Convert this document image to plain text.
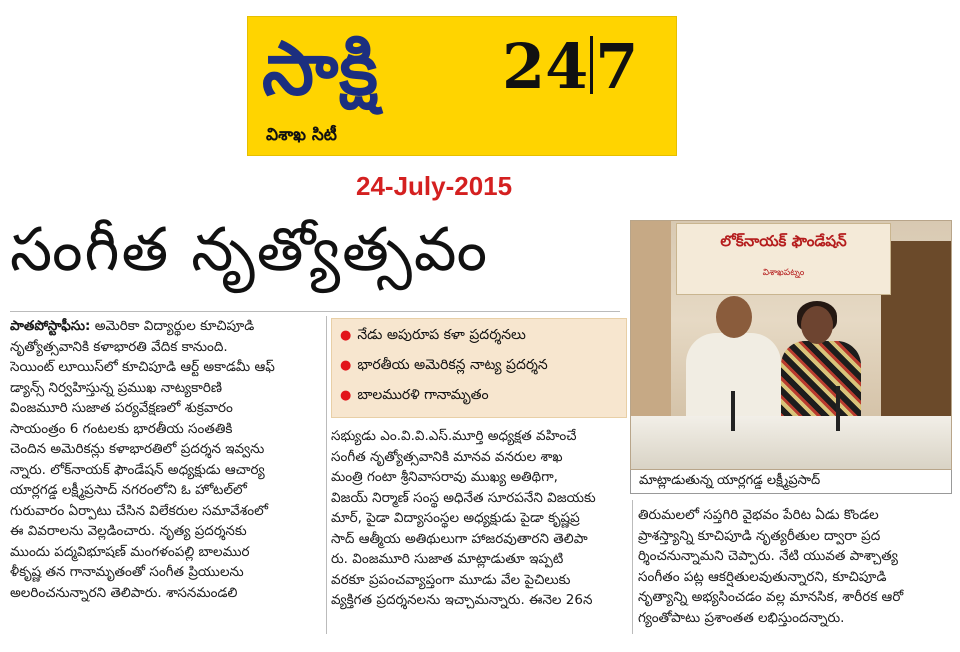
సాక్షి 24 7
విశాఖ సిటీ
24-July-2015
సంగీత నృత్యోత్సవం	లోక్‌నాయక్ ఫౌండేషన్
విశాఖపట్నం
మాట్లాడుతున్న యార్లగడ్డ లక్ష్మీప్రసాద్
● నేడు అపురూప కళా ప్రదర్శనలు
● భారతీయ అమెరికన్ల నాట్య ప్రదర్శన
● బాలమురళి గానామృతం
పాతపోస్టాఫీసు: అమెరికా విద్యార్థుల కూచిపూడి
నృత్యోత్సవానికి కళాభారతి వేదిక కానుంది.
సెయింట్ లూయిస్‌లో కూచిపూడి ఆర్ట్ అకాడమీ ఆఫ్
డ్యాన్స్ నిర్వహిస్తున్న ప్రముఖ నాట్యకారిణి
వింజమూరి సుజాత పర్యవేక్షణలో శుక్రవారం
సాయంత్రం 6 గంటలకు భారతీయ సంతతికి
చెందిన అమెరికన్లు కళాభారతిలో ప్రదర్శన ఇవ్వను
న్నారు. లోక్‌నాయక్ ఫౌండేషన్ అధ్యక్షుడు ఆచార్య
యార్లగడ్డ లక్ష్మీప్రసాద్ నగరంలోని ఓ హోటల్‌లో
గురువారం ఏర్పాటు చేసిన విలేకరుల సమావేశంలో
ఈ వివరాలను వెల్లడించారు. నృత్య ప్రదర్శనకు
ముందు పద్మవిభూషణ్ మంగళంపల్లి బాలముర
ళీకృష్ణ తన గానామృతంతో సంగీత ప్రియులను
అలరించనున్నారని తెలిపారు. శాసనమండలి
సభ్యుడు ఎం.వి.వి.ఎస్.మూర్తి అధ్యక్షత వహించే
సంగీత నృత్యోత్సవానికి మానవ వనరుల శాఖ
మంత్రి గంటా శ్రీనివాసరావు ముఖ్య అతిథిగా,
విజయ్ నిర్మాణ్ సంస్థ అధినేత సూరపనేని విజయకు
మార్, పైడా విద్యాసంస్థల అధ్యక్షుడు పైడా కృష్ణప్ర
సాద్ ఆత్మీయ అతిథులుగా హాజరవుతారని తెలిపా
రు. వింజమూరి సుజాత మాట్లాడుతూ ఇప్పటి
వరకూ ప్రపంచవ్యాప్తంగా మూడు వేల పైచిలుకు
వ్యక్తిగత ప్రదర్శనలను ఇచ్చామన్నారు. ఈనెల 26న
తిరుమలలో సప్తగిరి వైభవం పేరిట ఏడు కొండల
ప్రాశస్త్యాన్ని కూచిపూడి నృత్యరీతుల ద్వారా ప్రద
ర్శించనున్నామని చెప్పారు. నేటి యువత పాశ్చాత్య
సంగీతం పట్ల ఆకర్షితులవుతున్నారని, కూచిపూడి
నృత్యాన్ని అభ్యసించడం వల్ల మానసిక, శారీరక ఆరో
గ్యంతోపాటు ప్రశాంతత లభిస్తుందన్నారు.
